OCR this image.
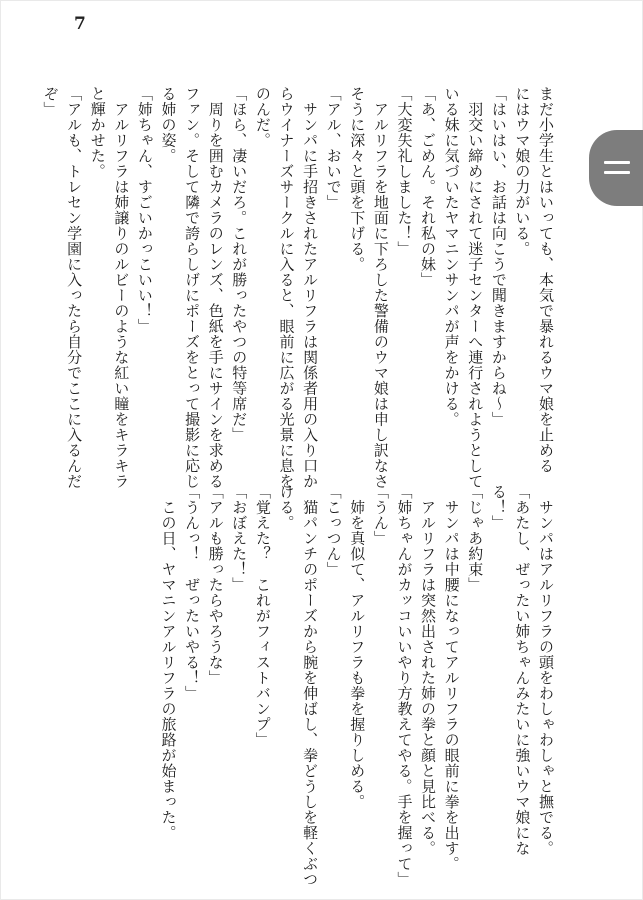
7
まだ小学生とはいっても、本気で暴れるウマ娘を止める
にはウマ娘の力がいる。
「はいはい、お話は向こうで聞きますからね～」
　羽交い締めにされて迷子センターへ連行されようとして
いる妹に気づいたヤマニンサンパが声をかける。
「あ、ごめん。それ私の妹」
「大変失礼しました！」
　アルリフラを地面に下ろした警備のウマ娘は申し訳なさ
そうに深々と頭を下げる。
「アル、おいで」
　サンパに手招きされたアルリフラは関係者用の入り口か
らウイナーズサークルに入ると、眼前に広がる光景に息を
のんだ。
「ほら、凄いだろ。これが勝ったやつの特等席だ」
　周りを囲むカメラのレンズ、色紙を手にサインを求める
ファン。そして隣で誇らしげにポーズをとって撮影に応じ
る姉の姿。
「姉ちゃん、すごいかっこいい！」
　アルリフラは姉譲りのルビーのような紅い瞳をキラキラ
と輝かせた。
「アルも、トレセン学園に入ったら自分でここに入るんだ
ぞ」
　サンパはアルリフラの頭をわしゃわしゃと撫でる。
「あたし、ぜったい姉ちゃんみたいに強いウマ娘にな
る！」
「じゃあ約束」
　サンパは中腰になってアルリフラの眼前に拳を出す。
　アルリフラは突然出された姉の拳と顔と見比べる。
「姉ちゃんがカッコいいやり方教えてやる。手を握って」
「うん」
　姉を真似て、アルリフラも拳を握りしめる。
「こっつん」
　猫パンチのポーズから腕を伸ばし、拳どうしを軽くぶつ
ける。
「覚えた？　これがフィストバンプ」
「おぼえた！」
「アルも勝ったらやろうな」
「うんっ！　ぜったいやる！」
　この日、ヤマニンアルリフラの旅路が始まった。
